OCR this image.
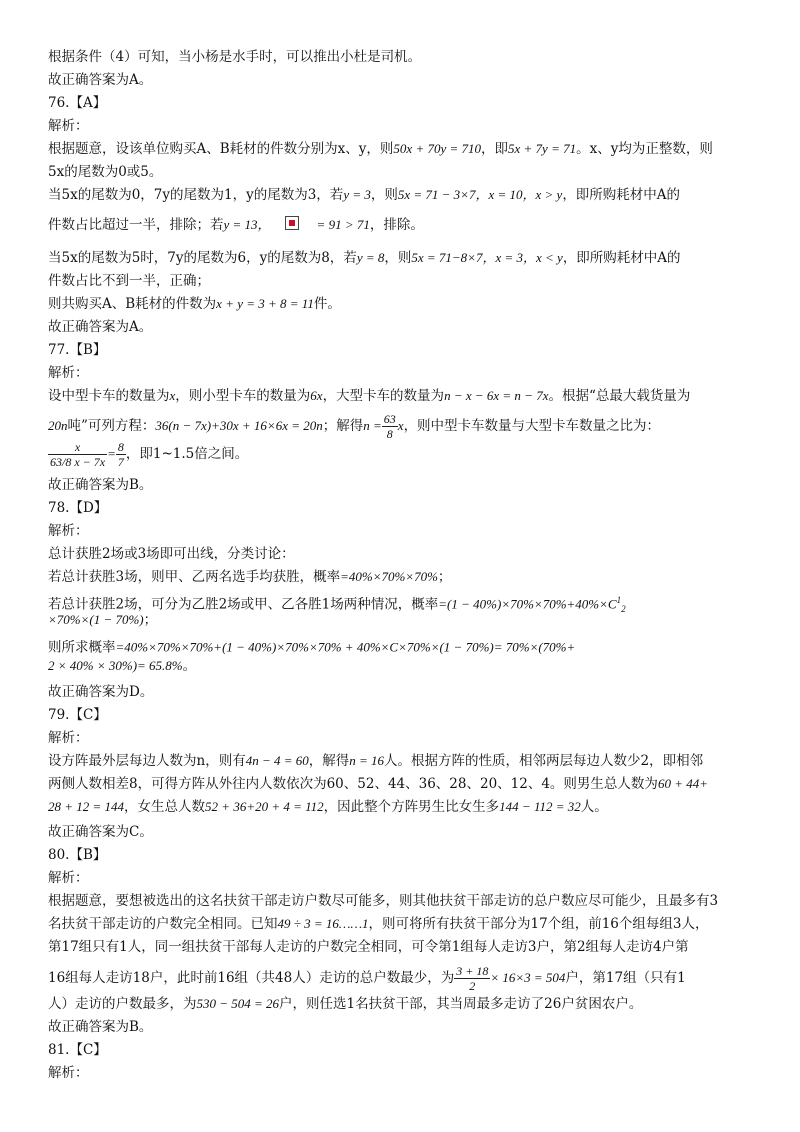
根据条件（4）可知，当小杨是水手时，可以推出小杜是司机。
故正确答案为A。
76.【A】
解析：
根据题意，设该单位购买A、B耗材的件数分别为x、y，则50x + 70y = 710，即5x + 7y = 71。x、y均为正整数，则
5x的尾数为0或5。
当5x的尾数为0，7y的尾数为1，y的尾数为3，若y = 3，则5x = 71 − 3×7，x = 10，x > y，即所购耗材中A的
件数占比超过一半，排除；若y = 13，	= 91 > 71，排除。
当5x的尾数为5时，7y的尾数为6，y的尾数为8，若y = 8，则5x = 71−8×7，x = 3，x < y，即所购耗材中A的
件数占比不到一半，正确；
则共购买A、B耗材的件数为x + y = 3 + 8 = 11件。
故正确答案为A。
77.【B】
解析：
设中型卡车的数量为x，则小型卡车的数量为6x，大型卡车的数量为n − x − 6x = n − 7x。根据“总最大载货量为
20n吨”可列方程：36(n − 7x)+30x + 16×6x = 20n；解得$n = \frac{63}{8}$ x，则中型卡车数量与大型卡车数量之比为：
$\frac{x}{63/8 x - 7x} = \frac{8}{7}$ ，即1~1.5倍之间。
故正确答案为B。
78.【D】
解析：
总计获胜2场或3场即可出线，分类讨论：
若总计获胜3场，则甲、乙两名选手均获胜，概率=40%×70%×70%；
若总计获胜2场，可分为乙胜2场或甲、乙各胜1场两种情况，概率$=(1 - 40\%)\times 70\%\times 70\%+40\%\times C^1_2$
×70%×(1 − 70%)；
则所求概率=40%×70%×70%+(1 − 40%)×70%×70% + 40%×C×70%×(1 − 70%)= 70%×(70%+
2 × 40% × 30%)= 65.8%。
故正确答案为D。
79.【C】
解析：
设方阵最外层每边人数为n，则有4n − 4 = 60，解得n = 16人。根据方阵的性质，相邻两层每边人数少2，即相邻
两侧人数相差8，可得方阵从外往内人数依次为60、52、44、36、28、20、12、4。则男生总人数为60 + 44+
28 + 12 = 144，女生总人数52 + 36+20 + 4 = 112，因此整个方阵男生比女生多144 − 112 = 32人。
故正确答案为C。
80.【B】
解析：
根据题意，要想被选出的这名扶贫干部走访户数尽可能多，则其他扶贫干部走访的总户数应尽可能少，且最多有3
名扶贫干部走访的户数完全相同。已知49 ÷ 3 = 16……1，则可将所有扶贫干部分为17个组，前16个组每组3人，
第17组只有1人，同一组扶贫干部每人走访的户数完全相同，可令第1组每人走访3户，第2组每人走访4户第
16组每人走访18户，此时前16组（共48人）走访的总户数最少，为 $\frac{3 + 18}{2} \times 16\times 3 = 504$户，第17组（只有1
人）走访的户数最多，为530 − 504 = 26户，则任选1名扶贫干部，其当周最多走访了26户贫困农户。
故正确答案为B。
81.【C】
解析：
